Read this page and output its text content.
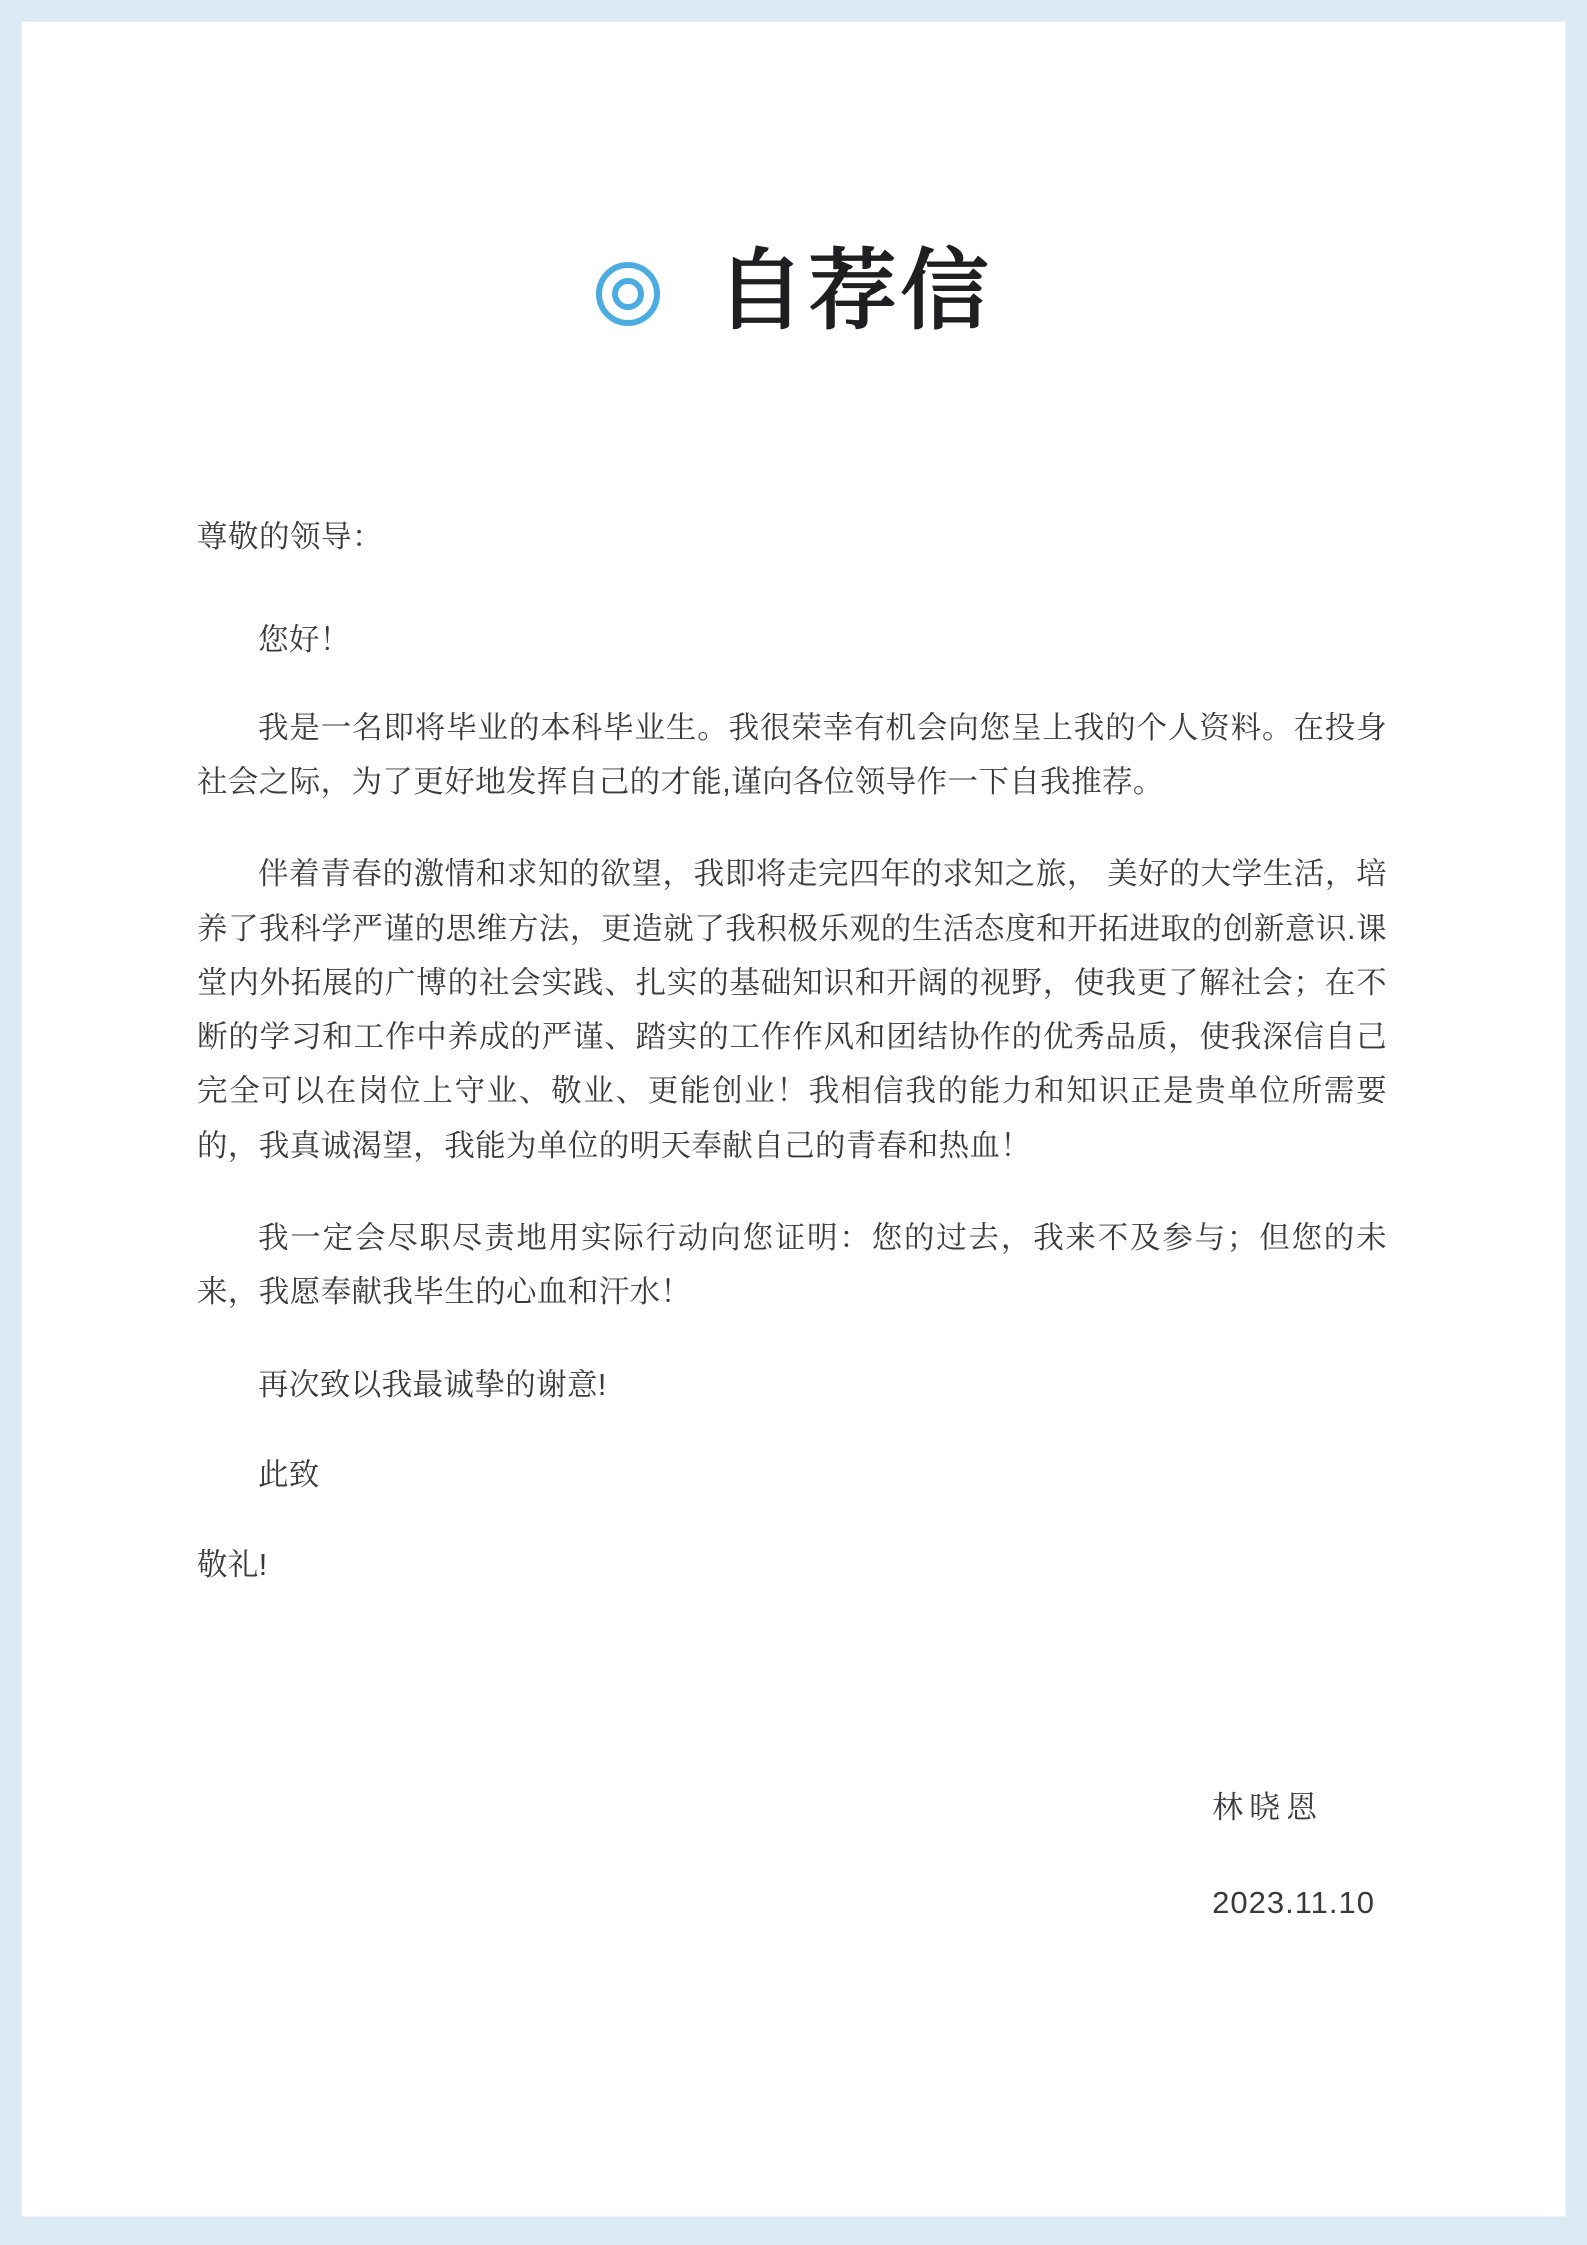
自荐信

尊敬的领导：

您好！

我是一名即将毕业的本科毕业生。我很荣幸有机会向您呈上我的个人资料。在投身社会之际，为了更好地发挥自己的才能,谨向各位领导作一下自我推荐。

伴着青春的激情和求知的欲望，我即将走完四年的求知之旅， 美好的大学生活，培养了我科学严谨的思维方法，更造就了我积极乐观的生活态度和开拓进取的创新意识.课堂内外拓展的广博的社会实践、扎实的基础知识和开阔的视野，使我更了解社会；在不断的学习和工作中养成的严谨、踏实的工作作风和团结协作的优秀品质，使我深信自己完全可以在岗位上守业、敬业、更能创业！我相信我的能力和知识正是贵单位所需要的，我真诚渴望，我能为单位的明天奉献自己的青春和热血！

我一定会尽职尽责地用实际行动向您证明：您的过去，我来不及参与；但您的未来，我愿奉献我毕生的心血和汗水！

再次致以我最诚挚的谢意!

此致

敬礼!

林晓恩
2023.11.10
